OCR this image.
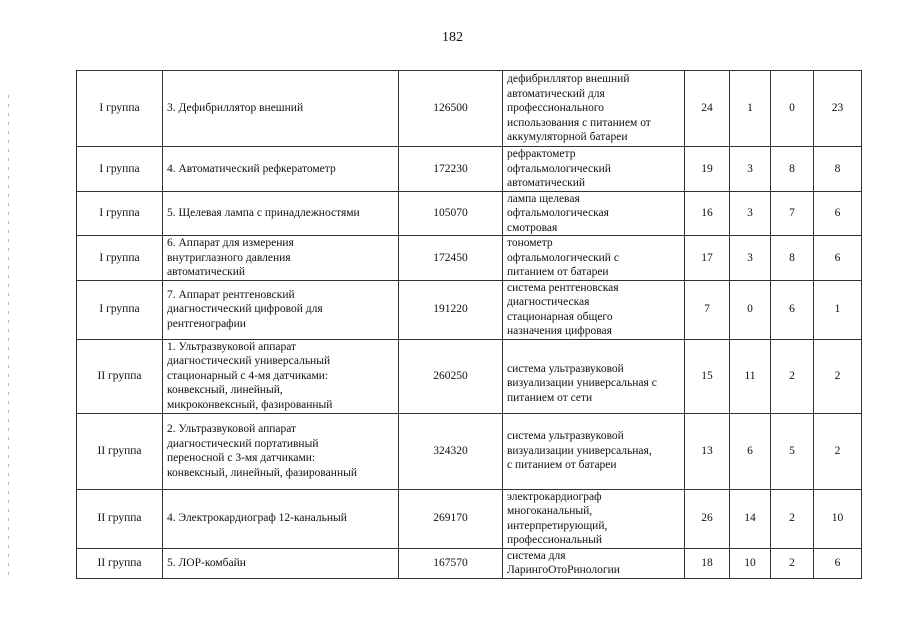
182
I группа	3. Дефибриллятор внешний	126500	дефибриллятор внешний
автоматический для
профессионального
использования с питанием от
аккумуляторной батареи	24	1	0	23

I группа	4. Автоматический рефкератометр	172230	рефрактометр
офтальмологический
автоматический	19	3	8	8

I группа	5. Щелевая лампа с принадлежностями	105070	лампа щелевая
офтальмологическая
смотровая	16	3	7	6

I группа	6. Аппарат для измерения
внутриглазного давления
автоматический	172450	тонометр
офтальмологический с
питанием от батареи	17	3	8	6

I группа	7. Аппарат рентгеновский
диагностический цифровой для
рентгенографии	191220	система рентгеновская
диагностическая
стационарная общего
назначения цифровая	7	0	6	1

II группа	1. Ультразвуковой аппарат
диагностический универсальный
стационарный с 4-мя датчиками:
конвексный, линейный,
микроконвексный, фазированный	260250	
система ультразвуковой
визуализации универсальная с
питанием от сети	15	11	2	2

II группа	2. Ультразвуковой аппарат
диагностический портативный
переносной с 3-мя датчиками:
конвексный, линейный, фазированный	324320	система ультразвуковой
визуализации универсальная,
с питанием от батареи	13	6	5	2

II группа	4. Электрокардиограф 12-канальный	269170	электрокардиограф
многоканальный,
интерпретирующий,
профессиональный	26	14	2	10

II группа	5. ЛОР-комбайн	167570	система для
ЛарингоОтоРинологии	18	10	2	6
